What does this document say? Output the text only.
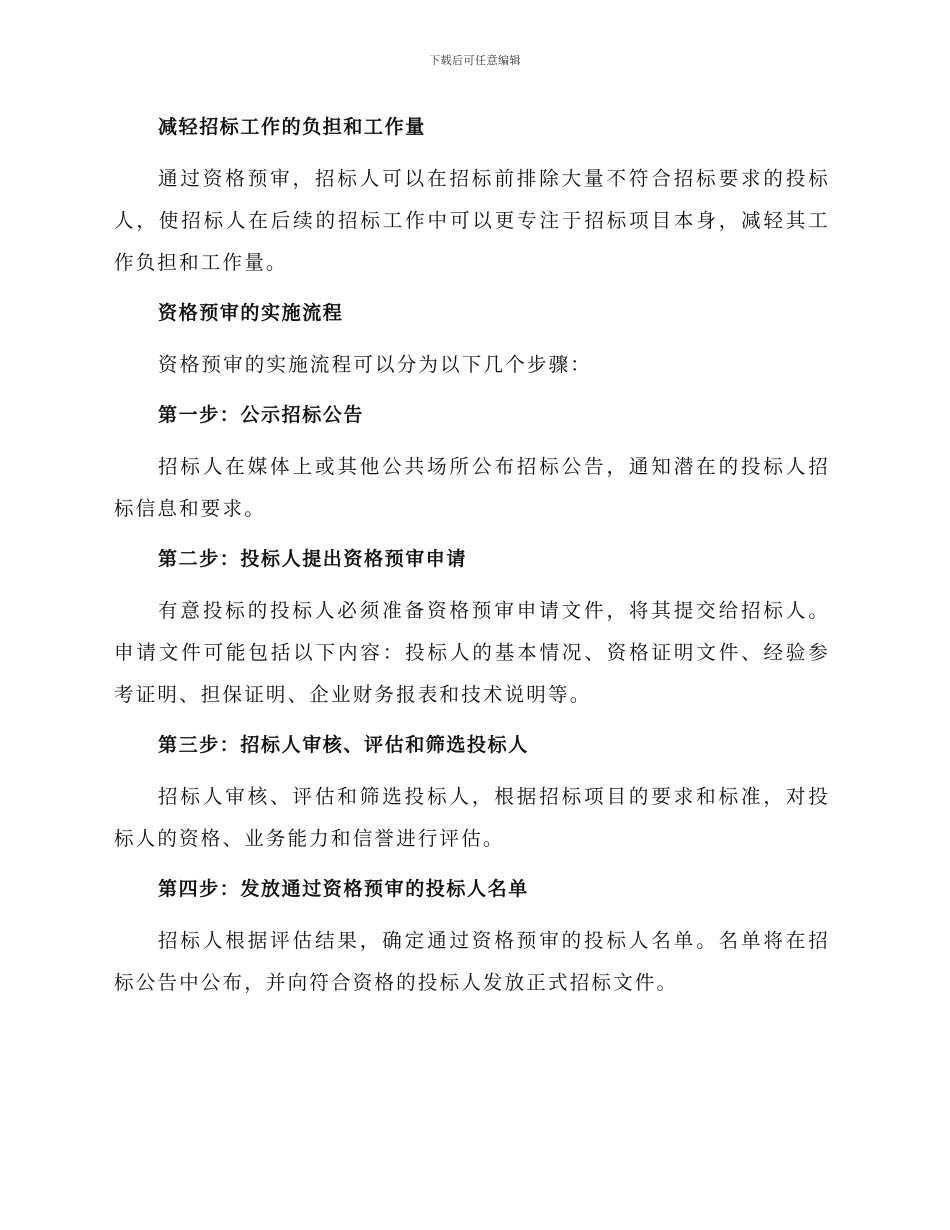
下载后可任意编辑
减轻招标工作的负担和工作量

通过资格预审，招标人可以在招标前排除大量不符合招标要求的投标人，使招标人在后续的招标工作中可以更专注于招标项目本身，减轻其工作负担和工作量。

资格预审的实施流程

资格预审的实施流程可以分为以下几个步骤：

第一步：公示招标公告

招标人在媒体上或其他公共场所公布招标公告，通知潜在的投标人招标信息和要求。

第二步：投标人提出资格预审申请

有意投标的投标人必须准备资格预审申请文件，将其提交给招标人。申请文件可能包括以下内容：投标人的基本情况、资格证明文件、经验参考证明、担保证明、企业财务报表和技术说明等。

第三步：招标人审核、评估和筛选投标人

招标人审核、评估和筛选投标人，根据招标项目的要求和标准，对投标人的资格、业务能力和信誉进行评估。

第四步：发放通过资格预审的投标人名单

招标人根据评估结果，确定通过资格预审的投标人名单。名单将在招标公告中公布，并向符合资格的投标人发放正式招标文件。
